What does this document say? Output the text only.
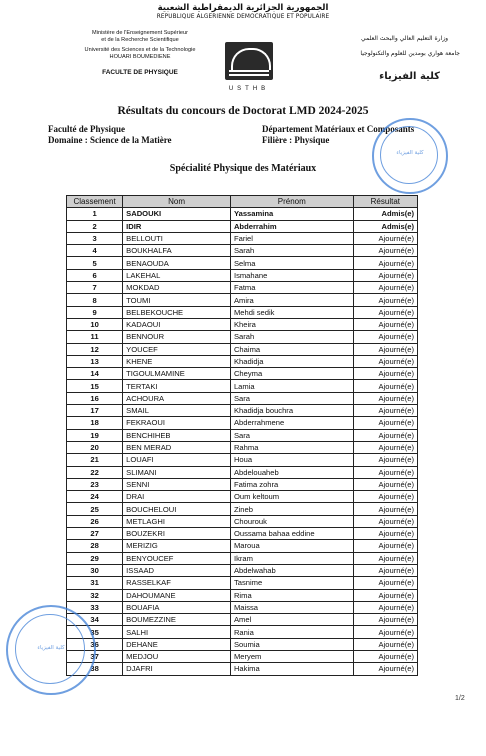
الجمهورية الجزائرية الديمقراطية الشعبية
REPUBLIQUE ALGERIENNE DEMOCRATIQUE ET POPULAIRE
Ministère de l'Enseignement Supérieur
et de la Recherche Scientifique
Université des Sciences et de la Technologie
HOUARI BOUMEDIENE
FACULTE DE PHYSIQUE
USTHB
وزارة التعليم العالي والبحث العلمي
جامعة هواري بومدين للعلوم والتكنولوجيا
كلية الفيزياء
Résultats du concours de Doctorat LMD 2024-2025
Faculté de Physique
Domaine : Science de la Matière
Département Matériaux et Composants
Filière : Physique
Spécialité Physique des Matériaux
Classement	Nom	Prénom	Résultat
1	SADOUKI	Yassamina	Admis(e)
2	IDIR	Abderrahim	Admis(e)
3	BELLOUTI	Fariel	Ajourné(e)
4	BOUKHALFA	Sarah	Ajourné(e)
5	BENAOUDA	Selma	Ajourné(e)
6	LAKEHAL	Ismahane	Ajourné(e)
7	MOKDAD	Fatma	Ajourné(e)
8	TOUMI	Amira	Ajourné(e)
9	BELBEKOUCHE	Mehdi sedik	Ajourné(e)
10	KADAOUI	Kheira	Ajourné(e)
11	BENNOUR	Sarah	Ajourné(e)
12	YOUCEF	Chaima	Ajourné(e)
13	KHENE	Khadidja	Ajourné(e)
14	TIGOULMAMINE	Cheyma	Ajourné(e)
15	TERTAKI	Lamia	Ajourné(e)
16	ACHOURA	Sara	Ajourné(e)
17	SMAIL	Khadidja bouchra	Ajourné(e)
18	FEKRAOUI	Abderrahmene	Ajourné(e)
19	BENCHIHEB	Sara	Ajourné(e)
20	BEN MERAD	Rahma	Ajourné(e)
21	LOUAFI	Houa	Ajourné(e)
22	SLIMANI	Abdelouaheb	Ajourné(e)
23	SENNI	Fatima zohra	Ajourné(e)
24	DRAI	Oum keltoum	Ajourné(e)
25	BOUCHELOUI	Zineb	Ajourné(e)
26	METLAGHI	Chourouk	Ajourné(e)
27	BOUZEKRI	Oussama bahaa eddine	Ajourné(e)
28	MERIZIG	Maroua	Ajourné(e)
29	BENYOUCEF	Ikram	Ajourné(e)
30	ISSAAD	Abdelwahab	Ajourné(e)
31	RASSELKAF	Tasnime	Ajourné(e)
32	DAHOUMANE	Rima	Ajourné(e)
33	BOUAFIA	Maissa	Ajourné(e)
34	BOUMEZZINE	Amel	Ajourné(e)
35	SALHI	Rania	Ajourné(e)
36	DEHANE	Soumia	Ajourné(e)
37	MEDJOU	Meryem	Ajourné(e)
38	DJAFRI	Hakima	Ajourné(e)
كلية الفيزياء
كلية الفيزياء
1/2
